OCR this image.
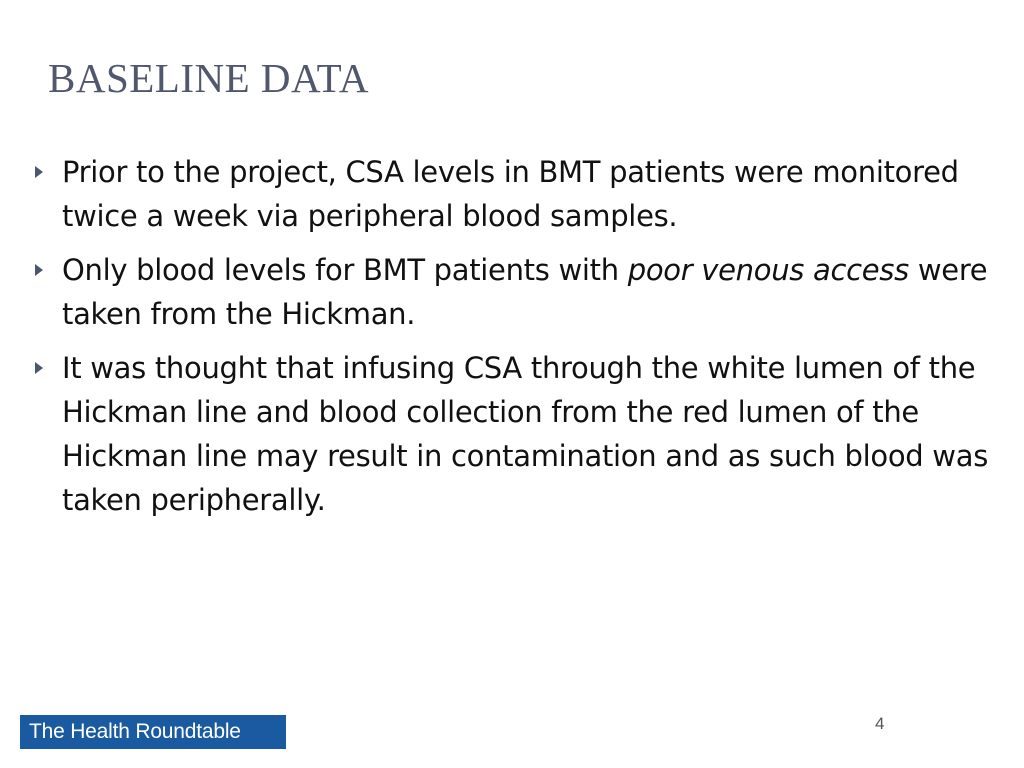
BASELINE DATA
Prior to the project, CSA levels in BMT patients were monitored twice a week via peripheral blood samples.
Only blood levels for BMT patients with poor venous access were taken from the Hickman.
It was thought that infusing CSA through the white lumen of the Hickman line and blood collection from the red lumen of the Hickman line may result in contamination and as such blood was taken peripherally.
The Health Roundtable	4
